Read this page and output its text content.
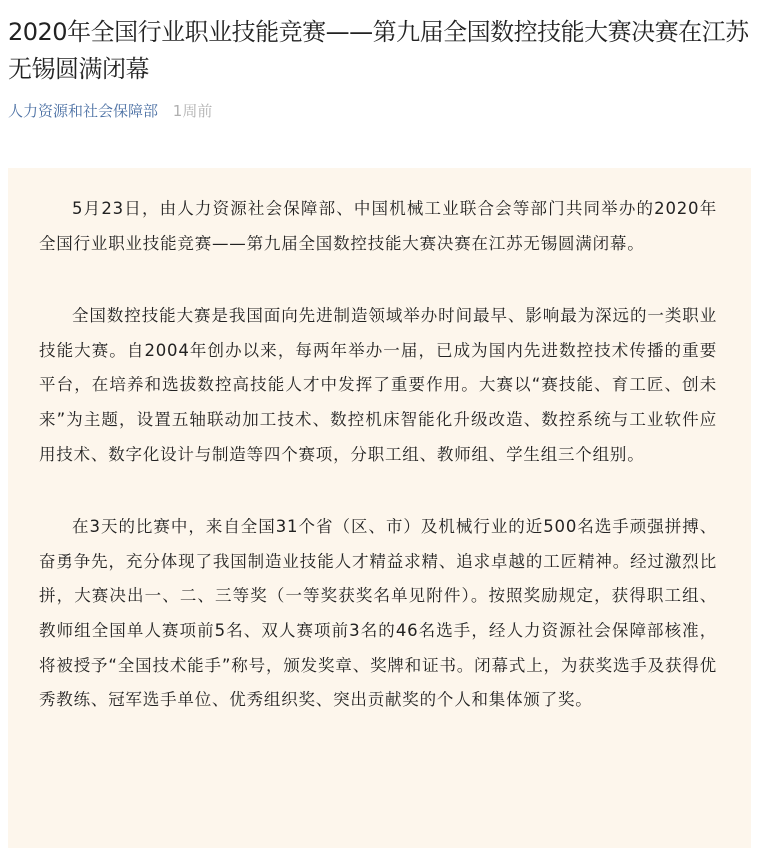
2020年全国行业职业技能竞赛——第九届全国数控技能大赛决赛在江苏无锡圆满闭幕
人力资源和社会保障部 1周前

5月23日，由人力资源社会保障部、中国机械工业联合会等部门共同举办的2020年全国行业职业技能竞赛——第九届全国数控技能大赛决赛在江苏无锡圆满闭幕。

全国数控技能大赛是我国面向先进制造领域举办时间最早、影响最为深远的一类职业技能大赛。自2004年创办以来，每两年举办一届，已成为国内先进数控技术传播的重要平台，在培养和选拔数控高技能人才中发挥了重要作用。大赛以“赛技能、育工匠、创未来”为主题，设置五轴联动加工技术、数控机床智能化升级改造、数控系统与工业软件应用技术、数字化设计与制造等四个赛项，分职工组、教师组、学生组三个组别。

在3天的比赛中，来自全国31个省（区、市）及机械行业的近500名选手顽强拼搏、奋勇争先，充分体现了我国制造业技能人才精益求精、追求卓越的工匠精神。经过激烈比拼，大赛决出一、二、三等奖（一等奖获奖名单见附件）。按照奖励规定，获得职工组、教师组全国单人赛项前5名、双人赛项前3名的46名选手，经人力资源社会保障部核准，将被授予“全国技术能手”称号，颁发奖章、奖牌和证书。闭幕式上，为获奖选手及获得优秀教练、冠军选手单位、优秀组织奖、突出贡献奖的个人和集体颁了奖。
